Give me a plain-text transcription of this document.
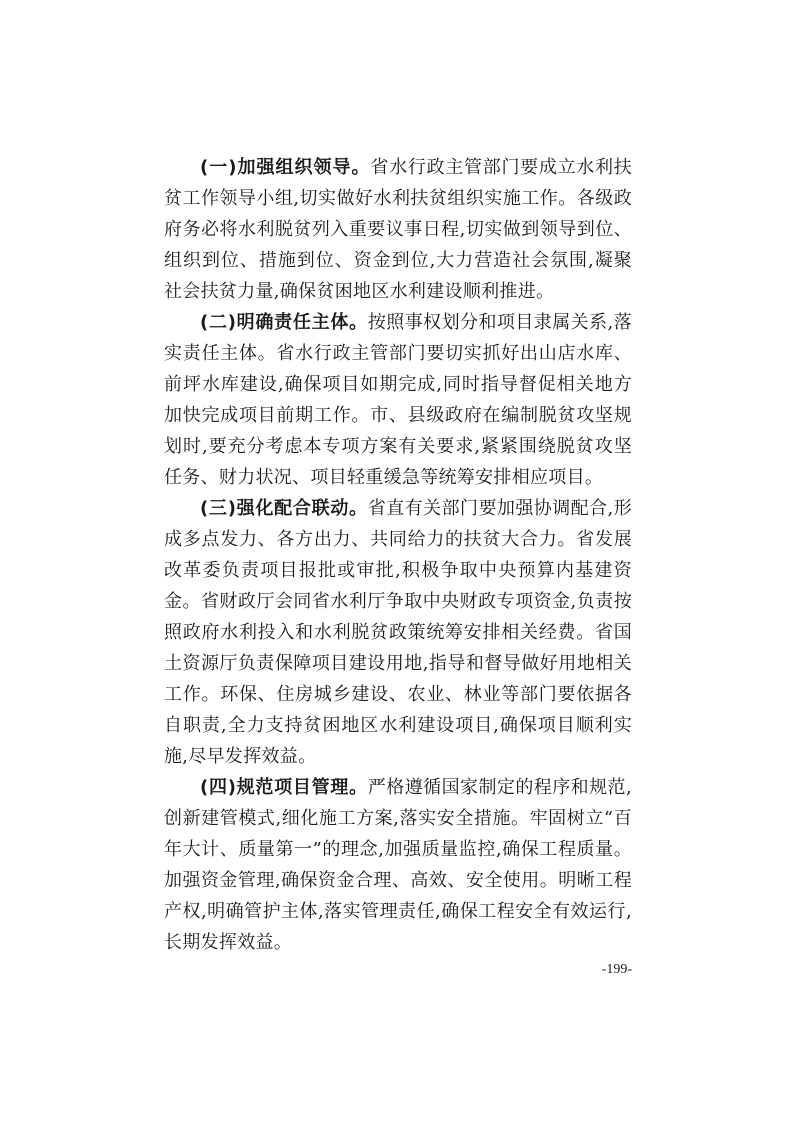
(一)加强组织领导。省水行政主管部门要成立水利扶贫工作领导小组,切实做好水利扶贫组织实施工作。各级政府务必将水利脱贫列入重要议事日程,切实做到领导到位、组织到位、措施到位、资金到位,大力营造社会氛围,凝聚社会扶贫力量,确保贫困地区水利建设顺利推进。

(二)明确责任主体。按照事权划分和项目隶属关系,落实责任主体。省水行政主管部门要切实抓好出山店水库、前坪水库建设,确保项目如期完成,同时指导督促相关地方加快完成项目前期工作。市、县级政府在编制脱贫攻坚规划时,要充分考虑本专项方案有关要求,紧紧围绕脱贫攻坚任务、财力状况、项目轻重缓急等统筹安排相应项目。

(三)强化配合联动。省直有关部门要加强协调配合,形成多点发力、各方出力、共同给力的扶贫大合力。省发展改革委负责项目报批或审批,积极争取中央预算内基建资金。省财政厅会同省水利厅争取中央财政专项资金,负责按照政府水利投入和水利脱贫政策统筹安排相关经费。省国土资源厅负责保障项目建设用地,指导和督导做好用地相关工作。环保、住房城乡建设、农业、林业等部门要依据各自职责,全力支持贫困地区水利建设项目,确保项目顺利实施,尽早发挥效益。

(四)规范项目管理。严格遵循国家制定的程序和规范,创新建管模式,细化施工方案,落实安全措施。牢固树立“百年大计、质量第一”的理念,加强质量监控,确保工程质量。加强资金管理,确保资金合理、高效、安全使用。明晰工程产权,明确管护主体,落实管理责任,确保工程安全有效运行,长期发挥效益。

-199-
